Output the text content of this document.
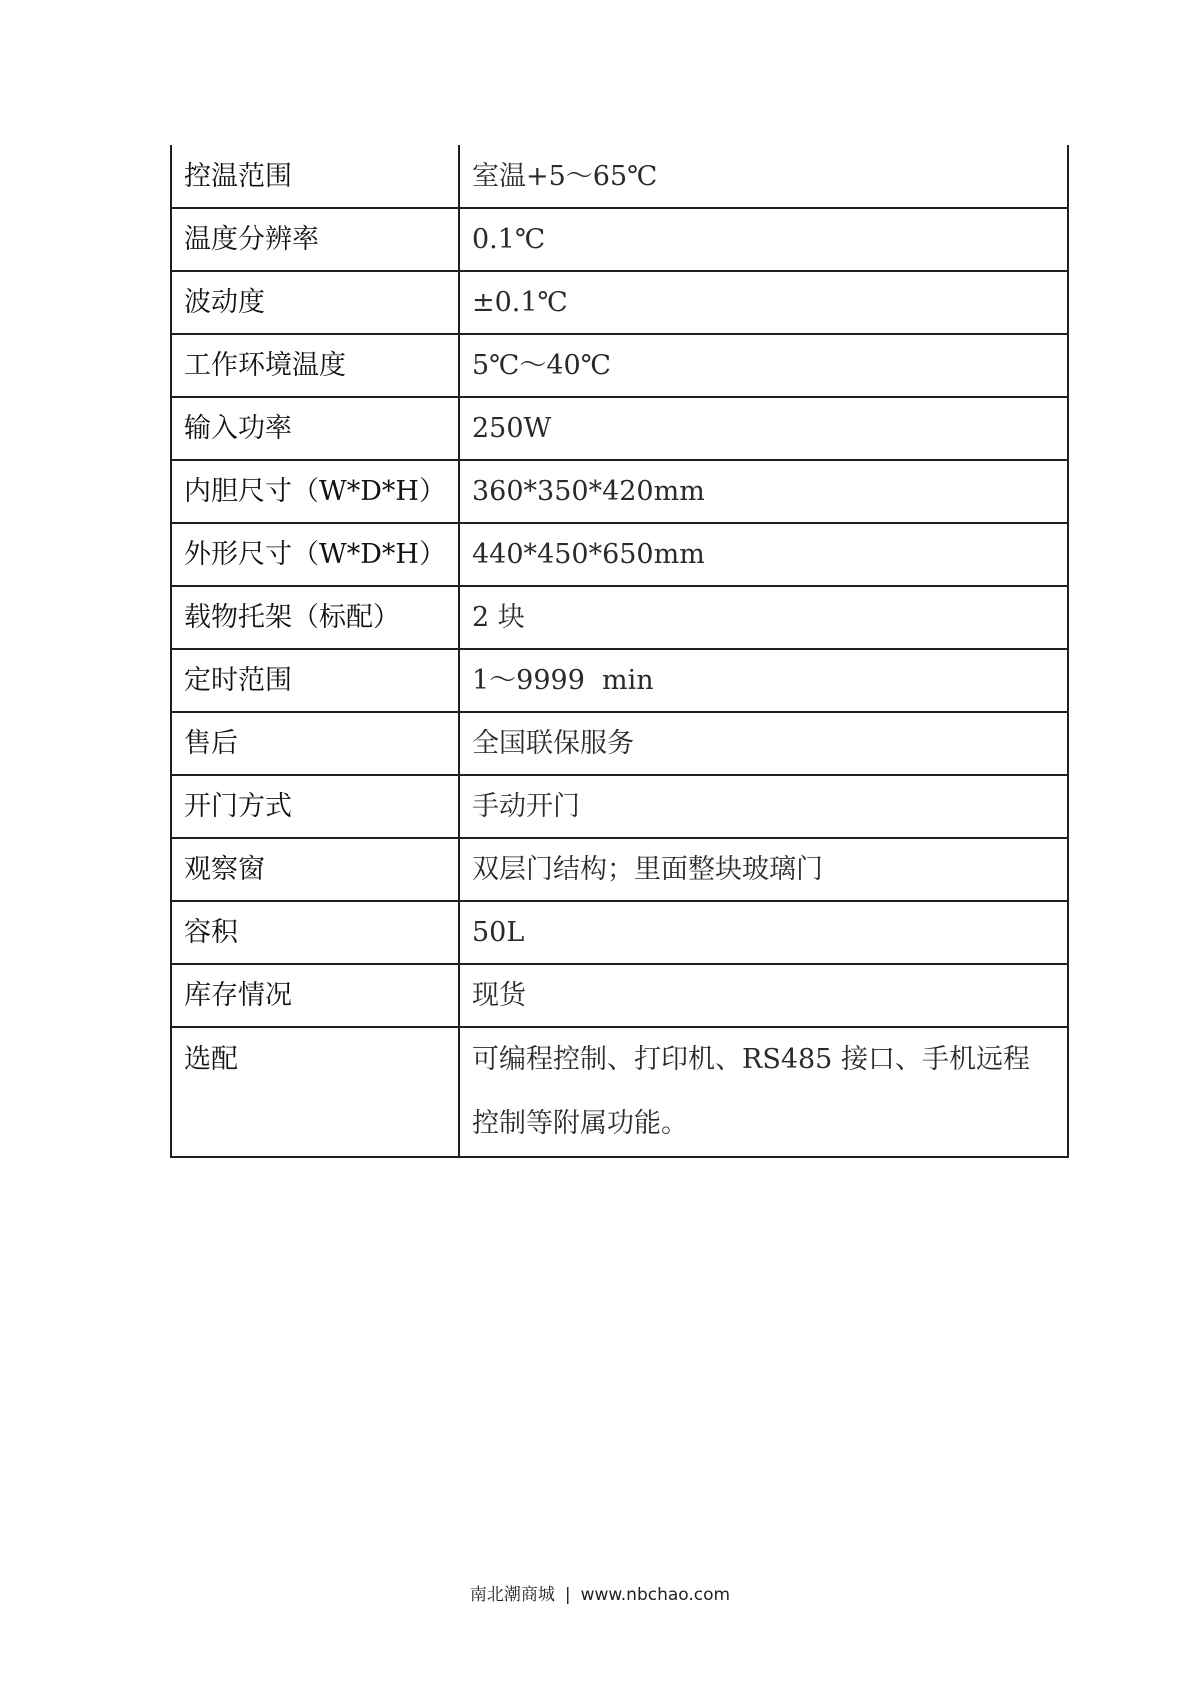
控温范围	室温+5～65℃
温度分辨率	0.1℃
波动度	±0.1℃
工作环境温度	5℃～40℃
输入功率	250W
内胆尺寸（W*D*H）	360*350*420mm
外形尺寸（W*D*H）	440*450*650mm
载物托架（标配）	2 块
定时范围	1～9999  min
售后	全国联保服务
开门方式	手动开门
观察窗	双层门结构；里面整块玻璃门
容积	50L
库存情况	现货
选配	可编程控制、打印机、RS485 接口、手机远程控制等附属功能。
南北潮商城 | www.nbchao.com
